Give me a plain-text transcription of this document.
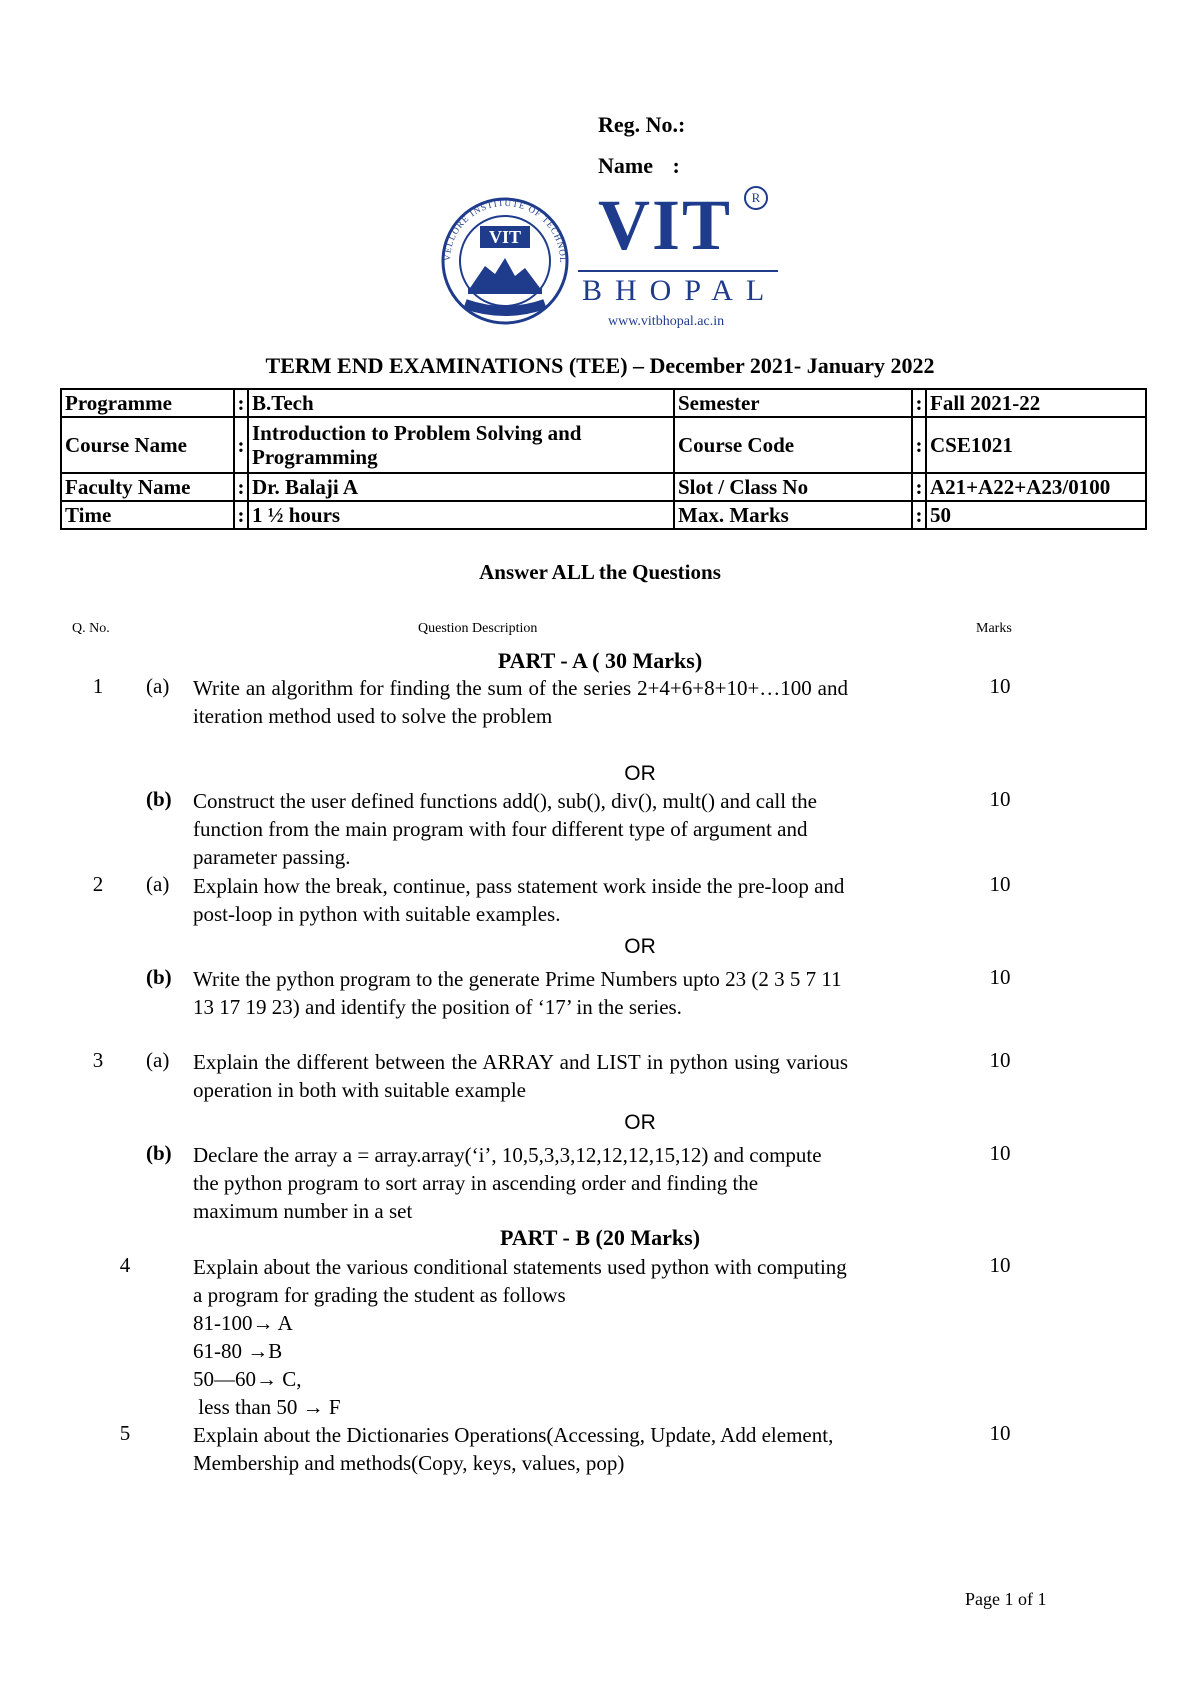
Reg. No.:
Name :
VELLORE INSTITUTE OF TECHNOL
VIT VIT	R
BHOPAL
www.vitbhopal.ac.in
TERM END EXAMINATIONS (TEE) – December 2021- January 2022
Programme	:	B.Tech	Semester	:	Fall 2021-22
Course Name	:	Introduction to Problem Solving and Programming	Course Code	:	CSE1021
Faculty Name	:	Dr. Balaji A	Slot / Class No	:	A21+A22+A23/0100
Time	:	1 ½ hours	Max. Marks	:	50
Answer ALL the Questions
Q. No.	Question Description	Marks
PART - A ( 30 Marks)
1	(a) Write an algorithm for finding the sum of the series 2+4+6+8+10+…100 and iteration method used to solve the problem
10
OR
(b) Construct the user defined functions add(), sub(), div(), mult() and call the function from the main program with four different type of argument and parameter passing.
10
2	(a) Explain how the break, continue, pass statement work inside the pre-loop and post-loop in python with suitable examples.
10
OR
(b) Write the python program to the generate Prime Numbers upto 23 (2 3 5 7 11 13 17 19 23) and identify the position of ‘17’ in the series.
10
3	(a) Explain the different between the ARRAY and LIST in python using various operation in both with suitable example
10
OR
(b) Declare the array a = array.array(‘i’, 10,5,3,3,12,12,12,15,12) and compute the python program to sort array in ascending order and finding the maximum number in a set
10
PART - B (20 Marks)
4	Explain about the various conditional statements used python with computing a program for grading the student as follows
81-100→ A
61-80 →B
50—60→ C,
less than 50 → F
10
5	Explain about the Dictionaries Operations(Accessing, Update, Add element, Membership and methods(Copy, keys, values, pop)
10
Page 1 of 1
